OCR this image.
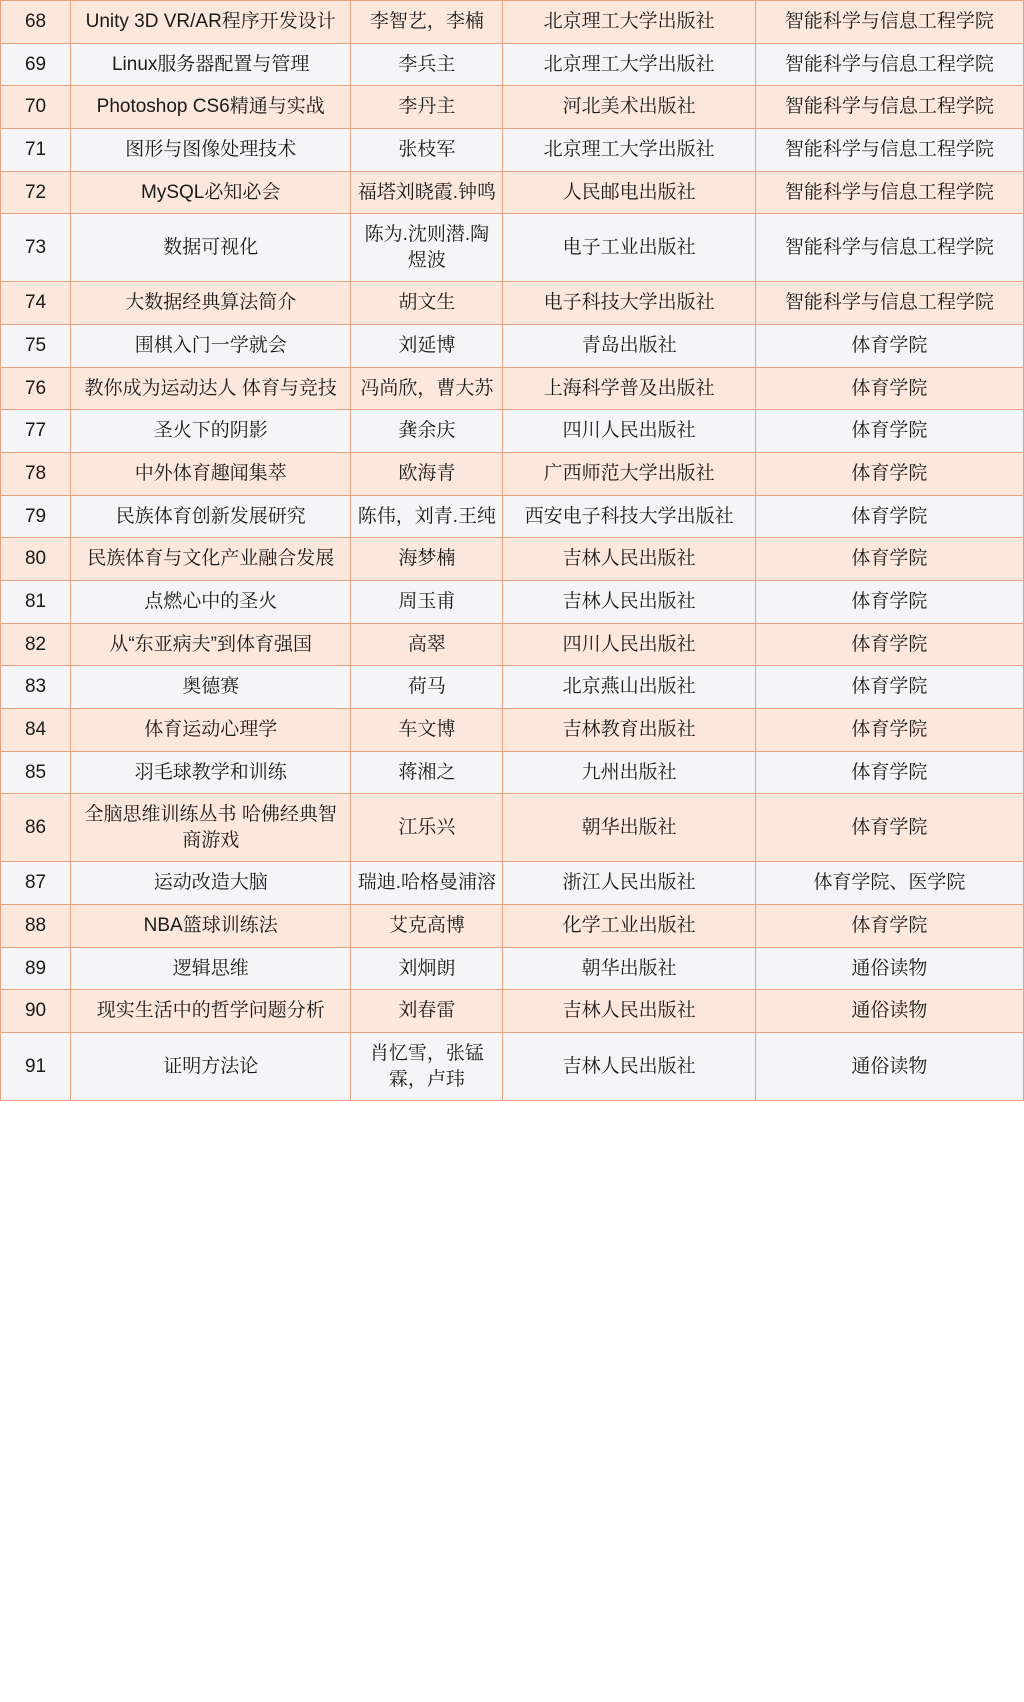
68	Unity 3D VR/AR程序开发设计	李智艺，李楠	北京理工大学出版社	智能科学与信息工程学院
69	Linux服务器配置与管理	李兵主	北京理工大学出版社	智能科学与信息工程学院
70	Photoshop CS6精通与实战	李丹主	河北美术出版社	智能科学与信息工程学院
71	图形与图像处理技术	张枝军	北京理工大学出版社	智能科学与信息工程学院
72	MySQL必知必会	福塔刘晓霞.钟鸣	人民邮电出版社	智能科学与信息工程学院
73	数据可视化	陈为.沈则潜.陶煜波	电子工业出版社	智能科学与信息工程学院
74	大数据经典算法简介	胡文生	电子科技大学出版社	智能科学与信息工程学院
75	围棋入门一学就会	刘延博	青岛出版社	体育学院
76	教你成为运动达人 体育与竞技	冯尚欣，曹大苏	上海科学普及出版社	体育学院
77	圣火下的阴影	龚余庆	四川人民出版社	体育学院
78	中外体育趣闻集萃	欧海青	广西师范大学出版社	体育学院
79	民族体育创新发展研究	陈伟，刘青.王纯	西安电子科技大学出版社	体育学院
80	民族体育与文化产业融合发展	海梦楠	吉林人民出版社	体育学院
81	点燃心中的圣火	周玉甫	吉林人民出版社	体育学院
82	从“东亚病夫”到体育强国	高翠	四川人民出版社	体育学院
83	奥德赛	荷马	北京燕山出版社	体育学院
84	体育运动心理学	车文博	吉林教育出版社	体育学院
85	羽毛球教学和训练	蒋湘之	九州出版社	体育学院
86	全脑思维训练丛书 哈佛经典智商游戏	江乐兴	朝华出版社	体育学院
87	运动改造大脑	瑞迪.哈格曼浦溶	浙江人民出版社	体育学院、医学院
88	NBA篮球训练法	艾克高博	化学工业出版社	体育学院
89	逻辑思维	刘炯朗	朝华出版社	通俗读物
90	现实生活中的哲学问题分析	刘春雷	吉林人民出版社	通俗读物
91	证明方法论	肖忆雪，张锰霖，卢玮	吉林人民出版社	通俗读物
